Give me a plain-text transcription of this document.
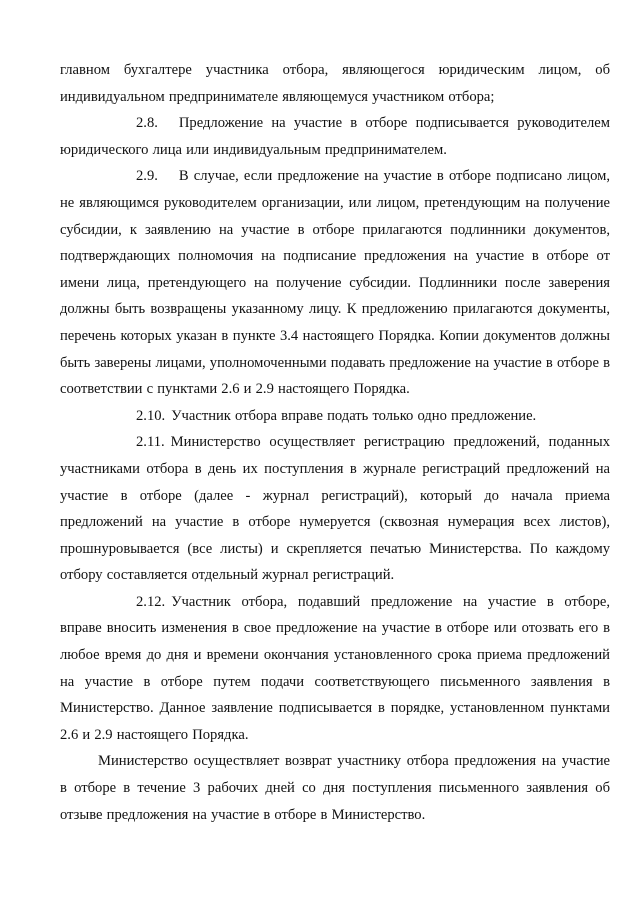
главном бухгалтере участника отбора, являющегося юридическим лицом, об индивидуальном предпринимателе являющемуся участником отбора;

2.8. Предложение на участие в отборе подписывается руководителем юридического лица или индивидуальным предпринимателем.

2.9. В случае, если предложение на участие в отборе подписано лицом, не являющимся руководителем организации, или лицом, претендующим на получение субсидии, к заявлению на участие в отборе прилагаются подлинники документов, подтверждающих полномочия на подписание предложения на участие в отборе от имени лица, претендующего на получение субсидии. Подлинники после заверения должны быть возвращены указанному лицу. К предложению прилагаются документы, перечень которых указан в пункте 3.4 настоящего Порядка. Копии документов должны быть заверены лицами, уполномоченными подавать предложение на участие в отборе в соответствии с пунктами 2.6 и 2.9 настоящего Порядка.

2.10. Участник отбора вправе подать только одно предложение.

2.11. Министерство осуществляет регистрацию предложений, поданных участниками отбора в день их поступления в журнале регистраций предложений на участие в отборе (далее - журнал регистраций), который до начала приема предложений на участие в отборе нумеруется (сквозная нумерация всех листов), прошнуровывается (все листы) и скрепляется печатью Министерства. По каждому отбору составляется отдельный журнал регистраций.

2.12. Участник отбора, подавший предложение на участие в отборе, вправе вносить изменения в свое предложение на участие в отборе или отозвать его в любое время до дня и времени окончания установленного срока приема предложений на участие в отборе путем подачи соответствующего письменного заявления в Министерство. Данное заявление подписывается в порядке, установленном пунктами 2.6 и 2.9 настоящего Порядка.

Министерство осуществляет возврат участнику отбора предложения на участие в отборе в течение 3 рабочих дней со дня поступления письменного заявления об отзыве предложения на участие в отборе в Министерство.
